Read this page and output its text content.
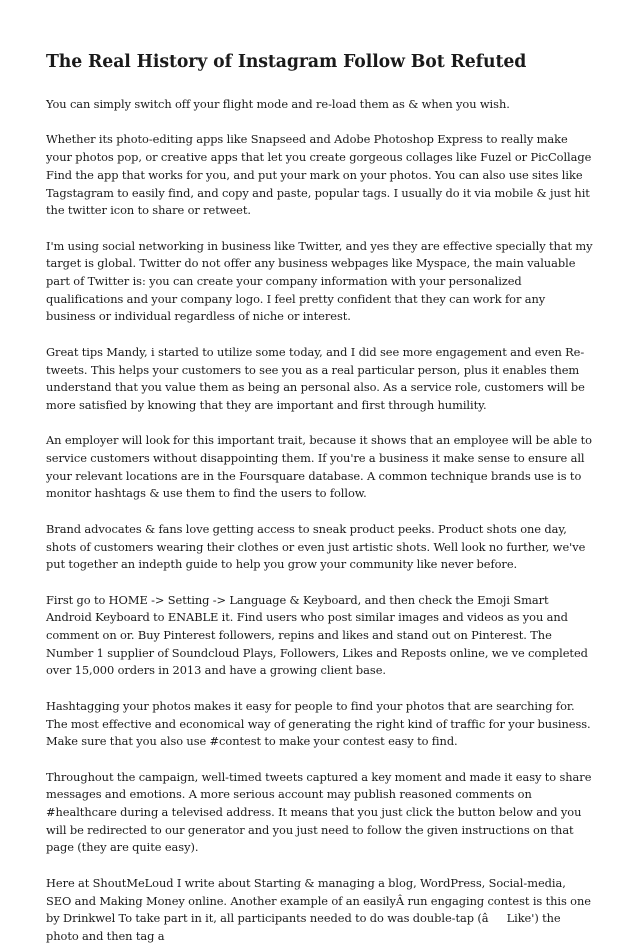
The Real History of Instagram Follow Bot Refuted

You can simply switch off your flight mode and re-load them as & when you wish.

Whether its photo-editing apps like Snapseed and Adobe Photoshop Express to really make your photos pop, or creative apps that let you create gorgeous collages like Fuzel or PicCollage Find the app that works for you, and put your mark on your photos. You can also use sites like Tagstagram to easily find, and copy and paste, popular tags. I usually do it via mobile & just hit the twitter icon to share or retweet.

I'm using social networking in business like Twitter, and yes they are effective specially that my target is global. Twitter do not offer any business webpages like Myspace, the main valuable part of Twitter is: you can create your company information with your personalized qualifications and your company logo. I feel pretty confident that they can work for any business or individual regardless of niche or interest.

Great tips Mandy, i started to utilize some today, and I did see more engagement and even Re-tweets. This helps your customers to see you as a real particular person, plus it enables them understand that you value them as being an personal also. As a service role, customers will be more satisfied by knowing that they are important and first through humility.

An employer will look for this important trait, because it shows that an employee will be able to service customers without disappointing them. If you're a business it make sense to ensure all your relevant locations are in the Foursquare database. A common technique brands use is to monitor hashtags & use them to find the users to follow.

Brand advocates & fans love getting access to sneak product peeks. Product shots one day, shots of customers wearing their clothes or even just artistic shots. Well look no further, we've put together an indepth guide to help you grow your community like never before.

First go to HOME -> Setting -> Language & Keyboard, and then check the Emoji Smart Android Keyboard to ENABLE it. Find users who post similar images and videos as you and comment on or. Buy Pinterest followers, repins and likes and stand out on Pinterest. The Number 1 supplier of Soundcloud Plays, Followers, Likes and Reposts online, we ve completed over 15,000 orders in 2013 and have a growing client base.

Hashtagging your photos makes it easy for people to find your photos that are searching for. The most effective and economical way of generating the right kind of traffic for your business. Make sure that you also use #contest to make your contest easy to find.

Throughout the campaign, well-timed tweets captured a key moment and made it easy to share messages and emotions. A more serious account may publish reasoned comments on #healthcare during a televised address. It means that you just click the button below and you will be redirected to our generator and you just need to follow the given instructions on that page (they are quite easy).

Here at ShoutMeLoud I write about Starting & managing a blog, WordPress, Social-media, SEO and Making Money online. Another example of an easilyÂ run engaging contest is this one by Drinkwel To take part in it, all participants needed to do was double-tap (âLike') the photo and then tag a
